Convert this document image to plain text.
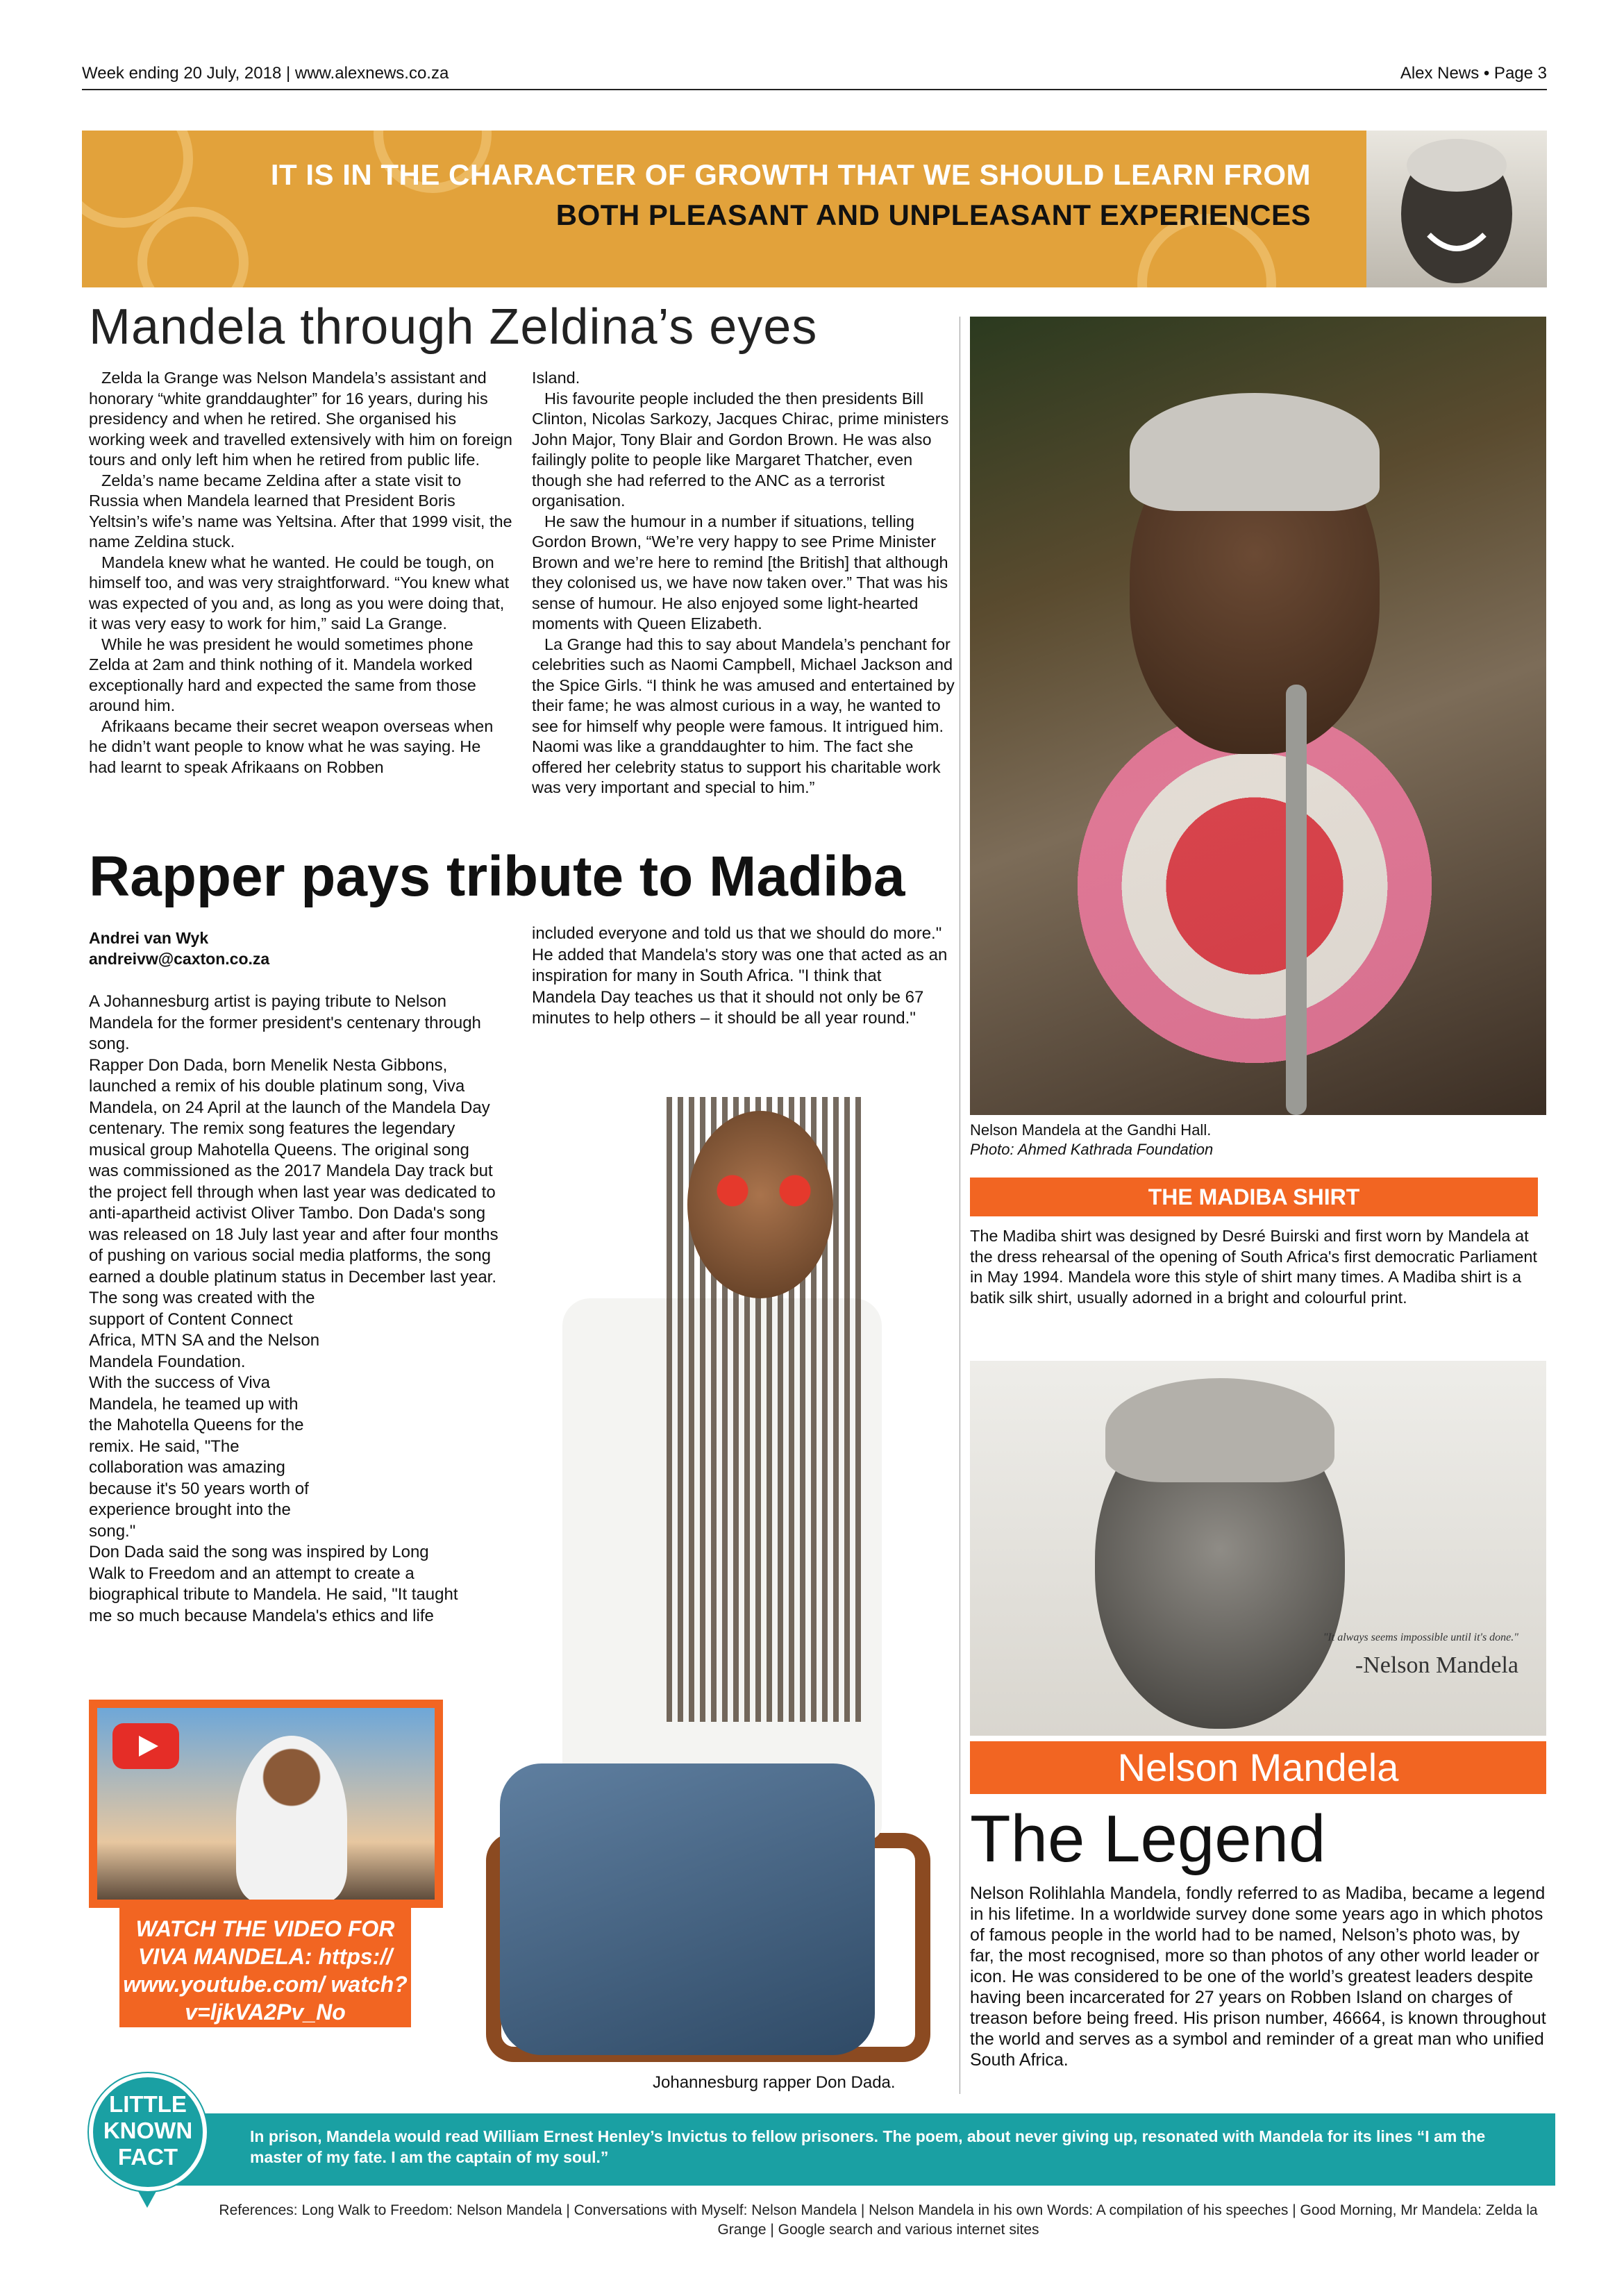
Week ending 20 July, 2018 | www.alexnews.co.za	Alex News • Page 3
IT IS IN THE CHARACTER OF GROWTH THAT WE SHOULD LEARN FROM
BOTH PLEASANT AND UNPLEASANT EXPERIENCES
Mandela through Zeldina’s eyes

Zelda la Grange was Nelson Mandela’s assistant and honorary “white granddaughter” for 16 years, during his presidency and when he retired. She organised his working week and travelled extensively with him on foreign tours and only left him when he retired from public life.

Zelda’s name became Zeldina after a state visit to Russia when Mandela learned that President Boris Yeltsin’s wife’s name was Yeltsina. After that 1999 visit, the name Zeldina stuck.

Mandela knew what he wanted. He could be tough, on himself too, and was very straightforward. “You knew what was expected of you and, as long as you were doing that, it was very easy to work for him,” said La Grange.

While he was president he would sometimes phone Zelda at 2am and think nothing of it. Mandela worked exceptionally hard and expected the same from those around him.

Afrikaans became their secret weapon overseas when he didn’t want people to know what he was saying. He had learnt to speak Afrikaans on Robben

Island.

His favourite people included the then presidents Bill Clinton, Nicolas Sarkozy, Jacques Chirac, prime ministers John Major, Tony Blair and Gordon Brown. He was also failingly polite to people like Margaret Thatcher, even though she had referred to the ANC as a terrorist organisation.

He saw the humour in a number if situations, telling Gordon Brown, “We’re very happy to see Prime Minister Brown and we’re here to remind [the British] that although they colonised us, we have now taken over.” That was his sense of humour. He also enjoyed some light-hearted moments with Queen Elizabeth.

La Grange had this to say about Mandela’s penchant for celebrities such as Naomi Campbell, Michael Jackson and the Spice Girls. “I think he was amused and entertained by their fame; he was almost curious in a way, he wanted to see for himself why people were famous. It intrigued him. Naomi was like a granddaughter to him. The fact she offered her celebrity status to support his charitable work was very important and special to him.”

Rapper pays tribute to Madiba
Andrei van Wyk
andreivw@caxton.co.za

A Johannesburg artist is paying tribute to Nelson Mandela for the former president's centenary through song.

Rapper Don Dada, born Menelik Nesta Gibbons, launched a remix of his double platinum song, Viva Mandela, on 24 April at the launch of the Mandela Day centenary. The remix song features the legendary musical group Mahotella Queens. The original song was commissioned as the 2017 Mandela Day track but the project fell through when last year was dedicated to anti-apartheid activist Oliver Tambo. Don Dada's song was released on 18 July last year and after four months of pushing on various social media platforms, the song earned a double platinum status in December last year.

The song was created with the support of Content Connect Africa, MTN SA and the Nelson Mandela Foundation.

With the success of Viva Mandela, he teamed up with the Mahotella Queens for the remix. He said, "The collaboration was amazing because it's 50 years worth of experience brought into the song."

Don Dada said the song was inspired by Long Walk to Freedom and an attempt to create a biographical tribute to Mandela. He said, "It taught me so much because Mandela's ethics and life

included everyone and told us that we should do more."

He added that Mandela's story was one that acted as an inspiration for many in South Africa. "I think that Mandela Day teaches us that it should not only be 67 minutes to help others – it should be all year round."

Johannesburg rapper Don Dada.
WATCH THE VIDEO FOR VIVA MANDELA: https:// www.youtube.com/ watch?v=ljkVA2Pv_No
Nelson Mandela at the Gandhi Hall.
Photo: Ahmed Kathrada Foundation
THE MADIBA SHIRT
The Madiba shirt was designed by Desré Buirski and first worn by Mandela at the dress rehearsal of the opening of South Africa's first democratic Parliament in May 1994. Mandela wore this style of shirt many times. A Madiba shirt is a batik silk shirt, usually adorned in a bright and colourful print.
"It always seems impossible until it's done."
-Nelson Mandela
Nelson Mandela
The Legend
Nelson Rolihlahla Mandela, fondly referred to as Madiba, became a legend in his lifetime. In a worldwide survey done some years ago in which photos of famous people in the world had to be named, Nelson’s photo was, by far, the most recognised, more so than photos of any other world leader or icon. He was considered to be one of the world’s greatest leaders despite having been incarcerated for 27 years on Robben Island on charges of treason before being freed. His prison number, 46664, is known throughout the world and serves as a symbol and reminder of a great man who unified South Africa.
In prison, Mandela would read William Ernest Henley’s Invictus to fellow prisoners. The poem, about never giving up, resonated with Mandela for its lines “I am the master of my fate. I am the captain of my soul.”
LITTLE
KNOWN
FACT
References: Long Walk to Freedom: Nelson Mandela | Conversations with Myself: Nelson Mandela | Nelson Mandela in his own Words: A compilation of his speeches | Good Morning, Mr Mandela: Zelda la Grange | Google search and various internet sites
